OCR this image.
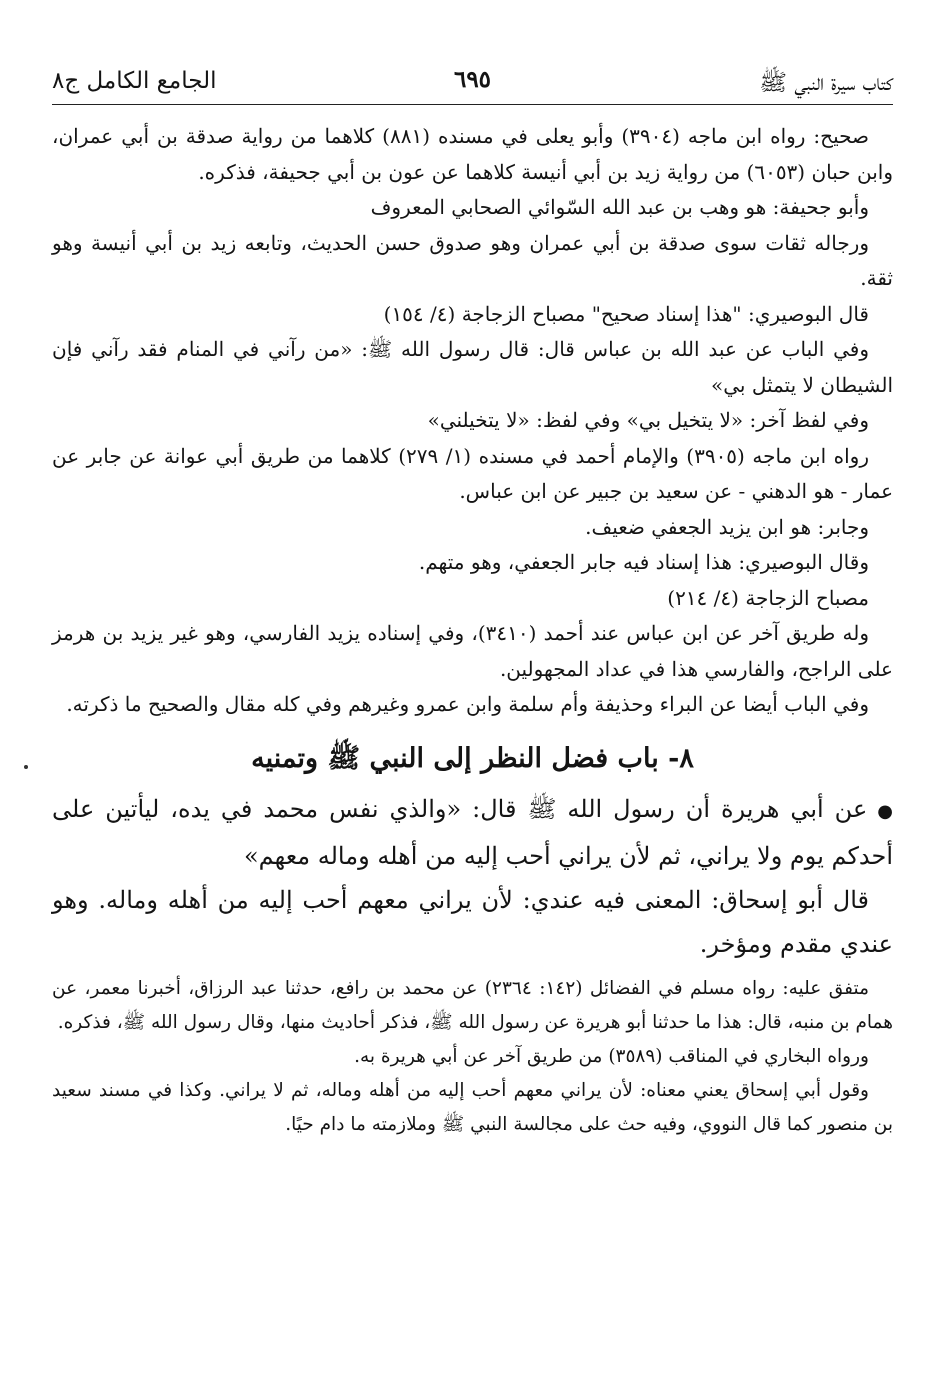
كتاب سيرة النبي ﷺ
٦٩٥
الجامع الكامل ج٨

صحيح: رواه ابن ماجه (٣٩٠٤) وأبو يعلى في مسنده (٨٨١) كلاهما من رواية صدقة بن أبي عمران، وابن حبان (٦٠٥٣) من رواية زيد بن أبي أنيسة كلاهما عن عون بن أبي جحيفة، فذكره.

وأبو جحيفة: هو وهب بن عبد الله السّوائي الصحابي المعروف

ورجاله ثقات سوى صدقة بن أبي عمران وهو صدوق حسن الحديث، وتابعه زيد بن أبي أنيسة وهو ثقة.

قال البوصيري: "هذا إسناد صحيح" مصباح الزجاجة (٤/ ١٥٤)

وفي الباب عن عبد الله بن عباس قال: قال رسول الله ﷺ: «من رآني في المنام فقد رآني فإن الشيطان لا يتمثل بي»

وفي لفظ آخر: «لا يتخيل بي» وفي لفظ: «لا يتخيلني»

رواه ابن ماجه (٣٩٠٥) والإمام أحمد في مسنده (١/ ٢٧٩) كلاهما من طريق أبي عوانة عن جابر عن عمار - هو الدهني - عن سعيد بن جبير عن ابن عباس.

وجابر: هو ابن يزيد الجعفي ضعيف.

وقال البوصيري: هذا إسناد فيه جابر الجعفي، وهو متهم.

مصباح الزجاجة (٤/ ٢١٤)

وله طريق آخر عن ابن عباس عند أحمد (٣٤١٠)، وفي إسناده يزيد الفارسي، وهو غير يزيد بن هرمز على الراجح، والفارسي هذا في عداد المجهولين.

وفي الباب أيضا عن البراء وحذيفة وأم سلمة وابن عمرو وغيرهم وفي كله مقال والصحيح ما ذكرته.

٨- باب فضل النظر إلى النبي ﷺ وتمنيه

●عن أبي هريرة أن رسول الله ﷺ قال: «والذي نفس محمد في يده، ليأتين على أحدكم يوم ولا يراني، ثم لأن يراني أحب إليه من أهله وماله معهم»

قال أبو إسحاق: المعنى فيه عندي: لأن يراني معهم أحب إليه من أهله وماله. وهو عندي مقدم ومؤخر.

متفق عليه: رواه مسلم في الفضائل (١٤٢: ٢٣٦٤) عن محمد بن رافع، حدثنا عبد الرزاق، أخبرنا معمر، عن همام بن منبه، قال: هذا ما حدثنا أبو هريرة عن رسول الله ﷺ، فذكر أحاديث منها، وقال رسول الله ﷺ، فذكره.

ورواه البخاري في المناقب (٣٥٨٩) من طريق آخر عن أبي هريرة به.

وقول أبي إسحاق يعني معناه: لأن يراني معهم أحب إليه من أهله وماله، ثم لا يراني. وكذا في مسند سعيد بن منصور كما قال النووي، وفيه حث على مجالسة النبي ﷺ وملازمته ما دام حيًا.
